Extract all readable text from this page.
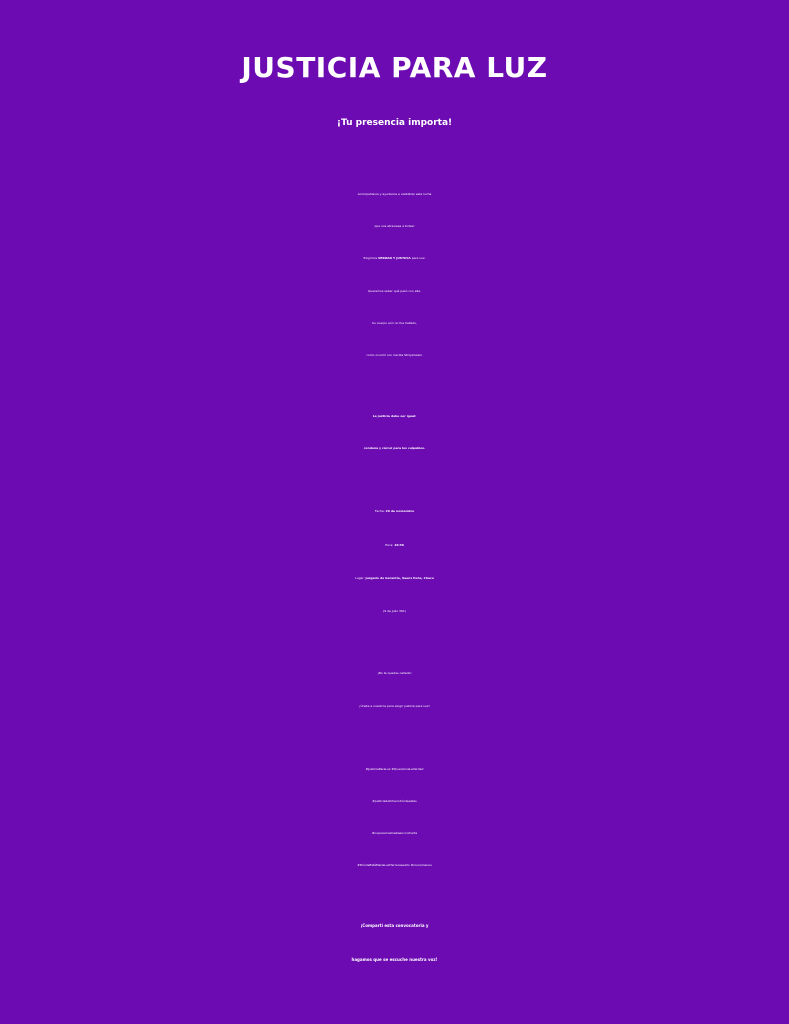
JUSTICIA PARA LUZ
¡Tu presencia importa!
Acompañanos y ayudanos a visibilizar esta lucha
que nos atraviesa a todas!
Exigimos VERDAD Y JUSTICIA para Luz.
Queremos saber qué pasó con ella.
Su cuerpo aún no fue hallado,
como ocurrió con Cecilia Strzyzowski.
La justicia debe ser igual:
condena y cárcel para los culpables.
Fecha: 20 de noviembre
Hora: 10:30
Lugar: Juzgado de Garantía, Saenz Peña, Chaco
(9 de Julio 361)
¡No te quedes callado!
¡Únete a nosotros para exigir justicia para Luz!
#JusticiaParaLuz #QueremosLaVerdad
#justiciadelChacodóndeestas
#noparamoshastaencontrarte
#DóndeEstáMariaLuzHerreraLeaño #niunamenos
¡Compartí esta convocatoria y
hagamos que se escuche nuestra voz!
